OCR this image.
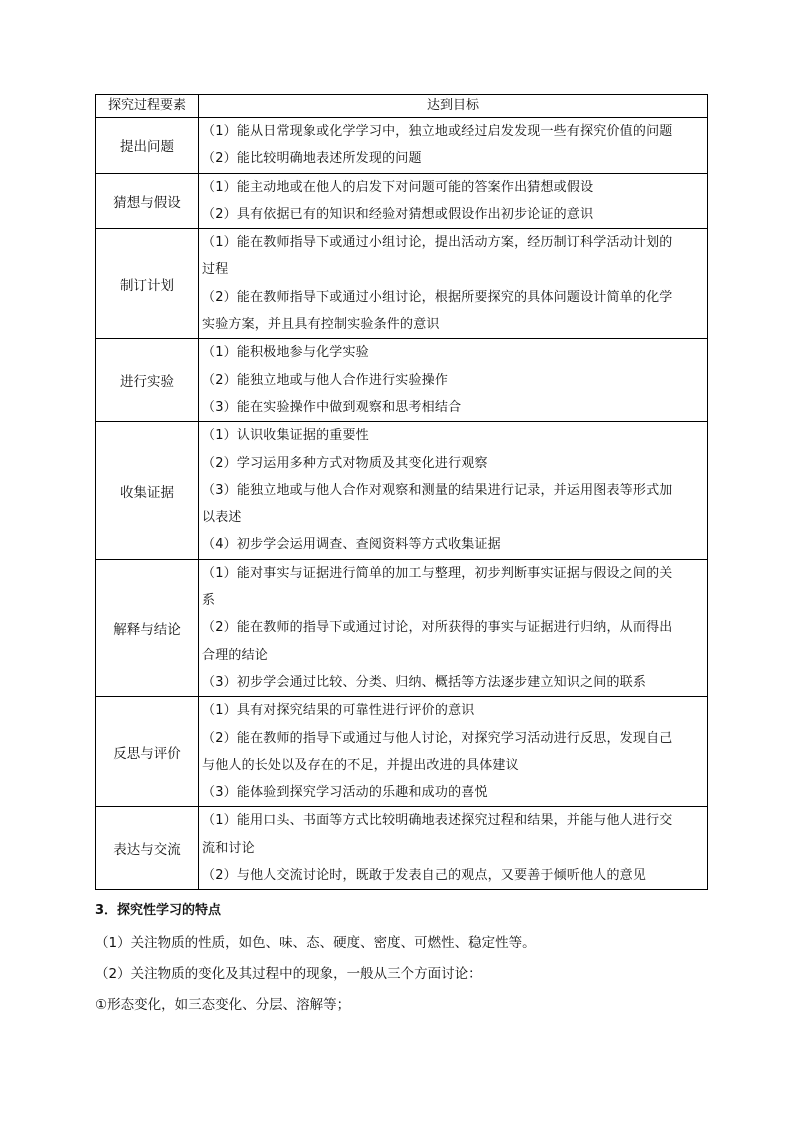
探究过程要素	达到目标
提出问题	（1）能从日常现象或化学学习中，独立地或经过启发发现一些有探究价值的问题
（2）能比较明确地表述所发现的问题

猜想与假设	（1）能主动地或在他人的启发下对问题可能的答案作出猜想或假设
（2）具有依据已有的知识和经验对猜想或假设作出初步论证的意识

制订计划	（1）能在教师指导下或通过小组讨论，提出活动方案，经历制订科学活动计划的
过程
（2）能在教师指导下或通过小组讨论，根据所要探究的具体问题设计简单的化学
实验方案，并且具有控制实验条件的意识

进行实验	（1）能积极地参与化学实验
（2）能独立地或与他人合作进行实验操作
（3）能在实验操作中做到观察和思考相结合

收集证据	（1）认识收集证据的重要性
（2）学习运用多种方式对物质及其变化进行观察
（3）能独立地或与他人合作对观察和测量的结果进行记录，并运用图表等形式加
以表述
（4）初步学会运用调查、查阅资料等方式收集证据

解释与结论	（1）能对事实与证据进行简单的加工与整理，初步判断事实证据与假设之间的关
系
（2）能在教师的指导下或通过讨论，对所获得的事实与证据进行归纳，从而得出
合理的结论
（3）初步学会通过比较、分类、归纳、概括等方法逐步建立知识之间的联系

反思与评价	（1）具有对探究结果的可靠性进行评价的意识
（2）能在教师的指导下或通过与他人讨论，对探究学习活动进行反思，发现自己
与他人的长处以及存在的不足，并提出改进的具体建议
（3）能体验到探究学习活动的乐趣和成功的喜悦

表达与交流	（1）能用口头、书面等方式比较明确地表述探究过程和结果，并能与他人进行交
流和讨论
（2）与他人交流讨论时，既敢于发表自己的观点，又要善于倾听他人的意见
3．探究性学习的特点
（1）关注物质的性质，如色、味、态、硬度、密度、可燃性、稳定性等。
（2）关注物质的变化及其过程中的现象，一般从三个方面讨论：
①形态变化，如三态变化、分层、溶解等；
